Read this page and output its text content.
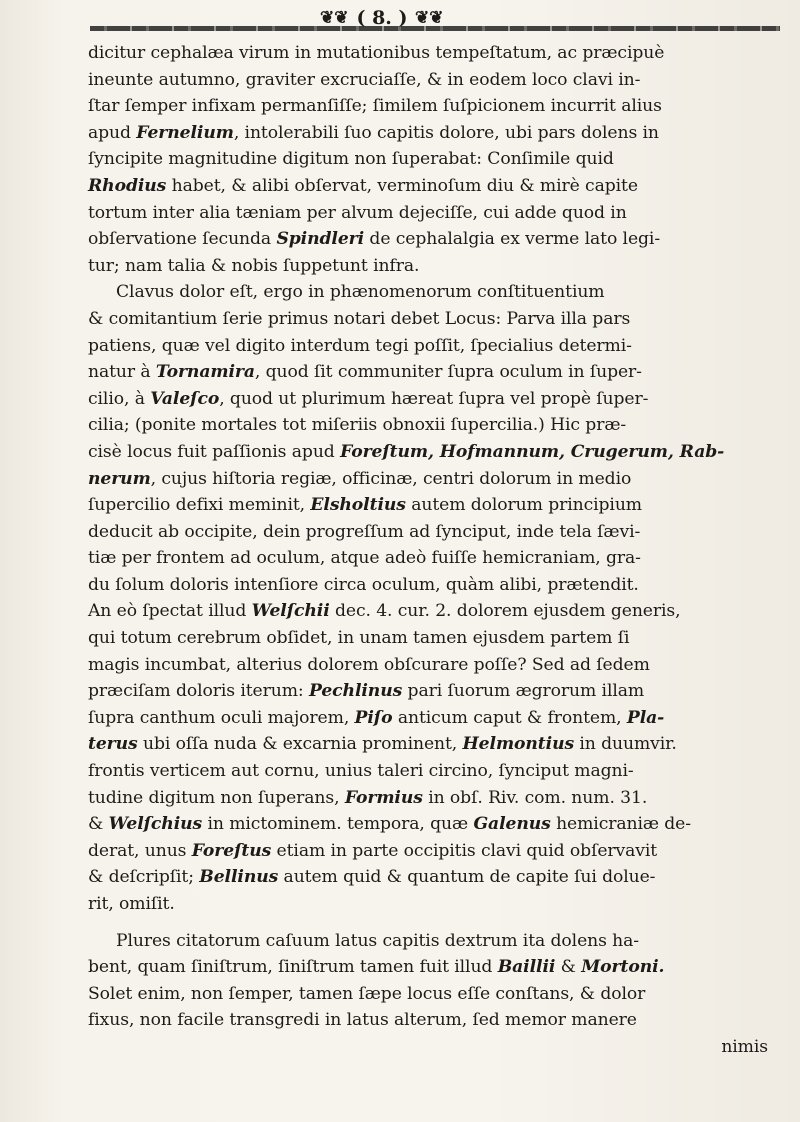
❦❦ ( 8. ) ❦❦
dicitur cephalæa virum in mutationibus tempeſtatum, ac præcipuè
ineunte autumno, graviter excruciaſſe, & in eodem loco clavi in-
ſtar ſemper infixam permanſiſſe; ſimilem ſuſpicionem incurrit alius
apud Fernelium, intolerabili ſuo capitis dolore, ubi pars dolens in
ſyncipite magnitudine digitum non ſuperabat: Conſimile quid
Rhodius habet, & alibi obſervat, verminoſum diu & mirè capite
tortum inter alia tæniam per alvum dejeciſſe, cui adde quod in
obſervatione ſecunda Spindleri de cephalalgia ex verme lato legi-
tur; nam talia & nobis ſuppetunt infra.
Clavus dolor eſt, ergo in phænomenorum conſtituentium
& comitantium ſerie primus notari debet Locus: Parva illa pars
patiens, quæ vel digito interdum tegi poſſit, ſpecialius determi-
natur à Tornamira, quod ſit communiter ſupra oculum in ſuper-
cilio, à Valeſco, quod ut plurimum hæreat ſupra vel propè ſuper-
cilia; (ponite mortales tot miſeriis obnoxii ſupercilia.) Hic præ-
cisè locus fuit paſſionis apud Foreſtum, Hofmannum, Crugerum, Rab-
nerum, cujus hiſtoria regiæ, officinæ, centri dolorum in medio
ſupercilio defixi meminit, Elsholtius autem dolorum principium
deducit ab occipite, dein progreſſum ad ſynciput, inde tela ſævi-
tiæ per frontem ad oculum, atque adeò fuiſſe hemicraniam, gra-
du ſolum doloris intenſiore circa oculum, quàm alibi, prætendit.
An eò ſpectat illud Welſchii dec. 4. cur. 2. dolorem ejusdem generis,
qui totum cerebrum obſidet, in unam tamen ejusdem partem ſi
magis incumbat, alterius dolorem obſcurare poſſe? Sed ad ſedem
præciſam doloris iterum: Pechlinus pari ſuorum ægrorum illam
ſupra canthum oculi majorem, Piſo anticum caput & frontem, Pla-
terus ubi oſſa nuda & excarnia prominent, Helmontius in duumvir.
frontis verticem aut cornu, unius taleri circino, ſynciput magni-
tudine digitum non ſuperans, Formius in obſ. Riv. com. num. 31.
& Welſchius in mictominem. tempora, quæ Galenus hemicraniæ de-
derat, unus Foreſtus etiam in parte occipitis clavi quid obſervavit
& deſcripſit; Bellinus autem quid & quantum de capite ſui dolue-
rit, omiſit.
Plures citatorum caſuum latus capitis dextrum ita dolens ha-
bent, quam ſiniſtrum, ſiniſtrum tamen fuit illud Baillii & Mortoni.
Solet enim, non ſemper, tamen ſæpe locus eſſe conſtans, & dolor
fixus, non facile transgredi in latus alterum, ſed memor manere
nimis
